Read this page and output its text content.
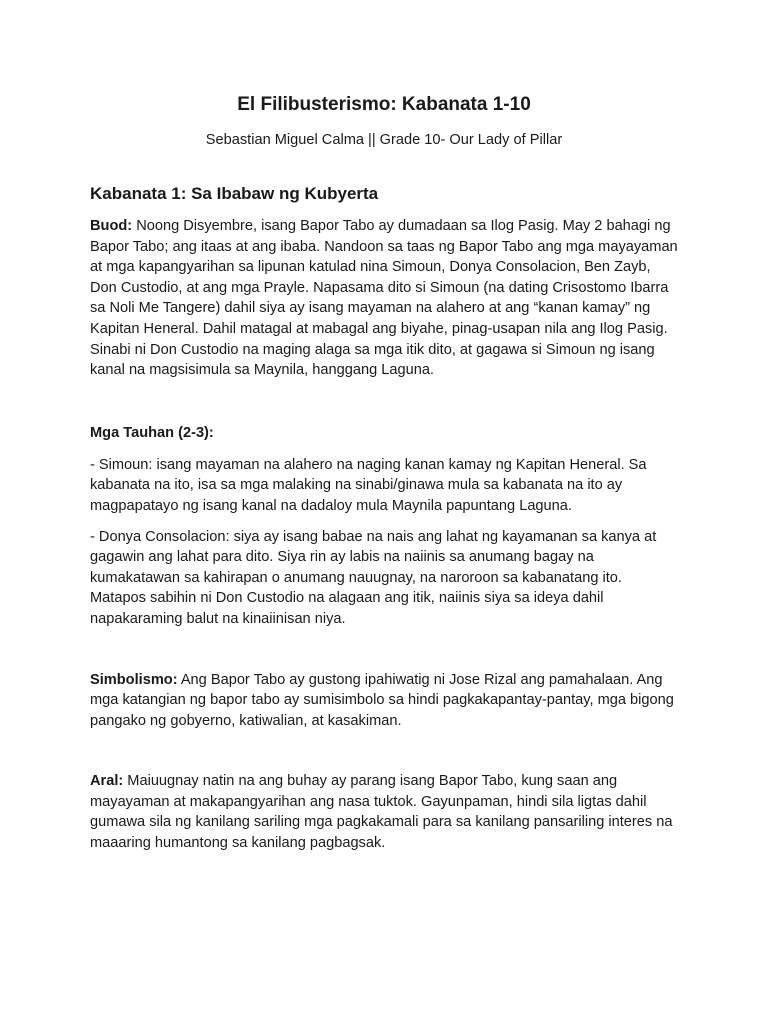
El Filibusterismo: Kabanata 1-10

Sebastian Miguel Calma || Grade 10- Our Lady of Pillar

Kabanata 1: Sa Ibabaw ng Kubyerta

Buod: Noong Disyembre, isang Bapor Tabo ay dumadaan sa Ilog Pasig. May 2 bahagi ng Bapor Tabo; ang itaas at ang ibaba. Nandoon sa taas ng Bapor Tabo ang mga mayayaman at mga kapangyarihan sa lipunan katulad nina Simoun, Donya Consolacion, Ben Zayb, Don Custodio, at ang mga Prayle. Napasama dito si Simoun (na dating Crisostomo Ibarra sa Noli Me Tangere) dahil siya ay isang mayaman na alahero at ang “kanan kamay” ng Kapitan Heneral. Dahil matagal at mabagal ang biyahe, pinag-usapan nila ang Ilog Pasig. Sinabi ni Don Custodio na maging alaga sa mga itik dito, at gagawa si Simoun ng isang kanal na magsisimula sa Maynila, hanggang Laguna.

Mga Tauhan (2-3):

- Simoun: isang mayaman na alahero na naging kanan kamay ng Kapitan Heneral. Sa kabanata na ito, isa sa mga malaking na sinabi/ginawa mula sa kabanata na ito ay magpapatayo ng isang kanal na dadaloy mula Maynila papuntang Laguna.

- Donya Consolacion: siya ay isang babae na nais ang lahat ng kayamanan sa kanya at gagawin ang lahat para dito. Siya rin ay labis na naiinis sa anumang bagay na kumakatawan sa kahirapan o anumang nauugnay, na naroroon sa kabanatang ito. Matapos sabihin ni Don Custodio na alagaan ang itik, naiinis siya sa ideya dahil napakaraming balut na kinaiinisan niya.

Simbolismo: Ang Bapor Tabo ay gustong ipahiwatig ni Jose Rizal ang pamahalaan. Ang mga katangian ng bapor tabo ay sumisimbolo sa hindi pagkakapantay-pantay, mga bigong pangako ng gobyerno, katiwalian, at kasakiman.

Aral: Maiuugnay natin na ang buhay ay parang isang Bapor Tabo, kung saan ang mayayaman at makapangyarihan ang nasa tuktok. Gayunpaman, hindi sila ligtas dahil gumawa sila ng kanilang sariling mga pagkakamali para sa kanilang pansariling interes na maaaring humantong sa kanilang pagbagsak.
